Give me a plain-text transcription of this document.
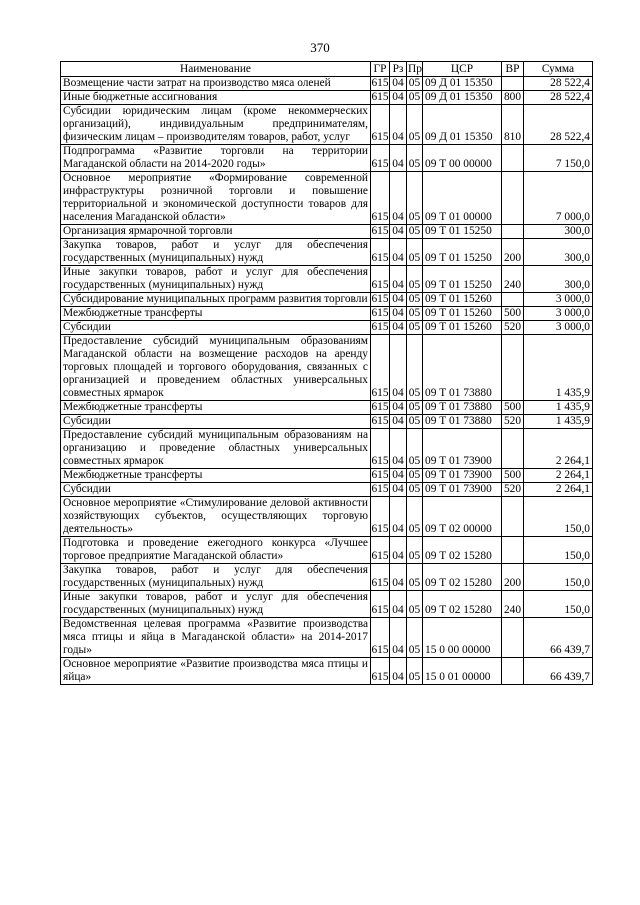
370
Наименование	ГР	Рз	Пр	ЦСР	ВР	Сумма
Возмещение части затрат на производство мяса оленей	615	04	05	09 Д 01 15350		28 522,4
Иные бюджетные ассигнования	615	04	05	09 Д 01 15350	800	28 522,4
Субсидии юридическим лицам (кроме некоммерческих организаций), индивидуальным предпринимателям, физическим лицам – производителям товаров, работ, услуг	615	04	05	09 Д 01 15350	810	28 522,4
Подпрограмма «Развитие торговли на территории Магаданской области на 2014-2020 годы»	615	04	05	09 Т 00 00000		7 150,0
Основное мероприятие «Формирование современной инфраструктуры розничной торговли и повышение территориальной и экономической доступности товаров для населения Магаданской области»	615	04	05	09 Т 01 00000		7 000,0
Организация ярмарочной торговли	615	04	05	09 Т 01 15250		300,0
Закупка товаров, работ и услуг для обеспечения государственных (муниципальных) нужд	615	04	05	09 Т 01 15250	200	300,0
Иные закупки товаров, работ и услуг для обеспечения государственных (муниципальных) нужд	615	04	05	09 Т 01 15250	240	300,0
Субсидирование муниципальных программ развития торговли	615	04	05	09 Т 01 15260		3 000,0
Межбюджетные трансферты	615	04	05	09 Т 01 15260	500	3 000,0
Субсидии	615	04	05	09 Т 01 15260	520	3 000,0
Предоставление субсидий муниципальным образованиям Магаданской области на возмещение расходов на аренду торговых площадей и торгового оборудования, связанных с организацией и проведением областных универсальных совместных ярмарок	615	04	05	09 Т 01 73880		1 435,9
Межбюджетные трансферты	615	04	05	09 Т 01 73880	500	1 435,9
Субсидии	615	04	05	09 Т 01 73880	520	1 435,9
Предоставление субсидий муниципальным образованиям на организацию и проведение областных универсальных совместных ярмарок	615	04	05	09 Т 01 73900		2 264,1
Межбюджетные трансферты	615	04	05	09 Т 01 73900	500	2 264,1
Субсидии	615	04	05	09 Т 01 73900	520	2 264,1
Основное мероприятие «Стимулирование деловой активности хозяйствующих субъектов, осуществляющих торговую деятельность»	615	04	05	09 Т 02 00000		150,0
Подготовка и проведение ежегодного конкурса «Лучшее торговое предприятие Магаданской области»	615	04	05	09 Т 02 15280		150,0
Закупка товаров, работ и услуг для обеспечения государственных (муниципальных) нужд	615	04	05	09 Т 02 15280	200	150,0
Иные закупки товаров, работ и услуг для обеспечения государственных (муниципальных) нужд	615	04	05	09 Т 02 15280	240	150,0
Ведомственная целевая программа «Развитие производства мяса птицы и яйца в Магаданской области» на 2014-2017 годы»	615	04	05	15 0 00 00000		66 439,7
Основное мероприятие «Развитие производства мяса птицы и яйца»	615	04	05	15 0 01 00000		66 439,7
